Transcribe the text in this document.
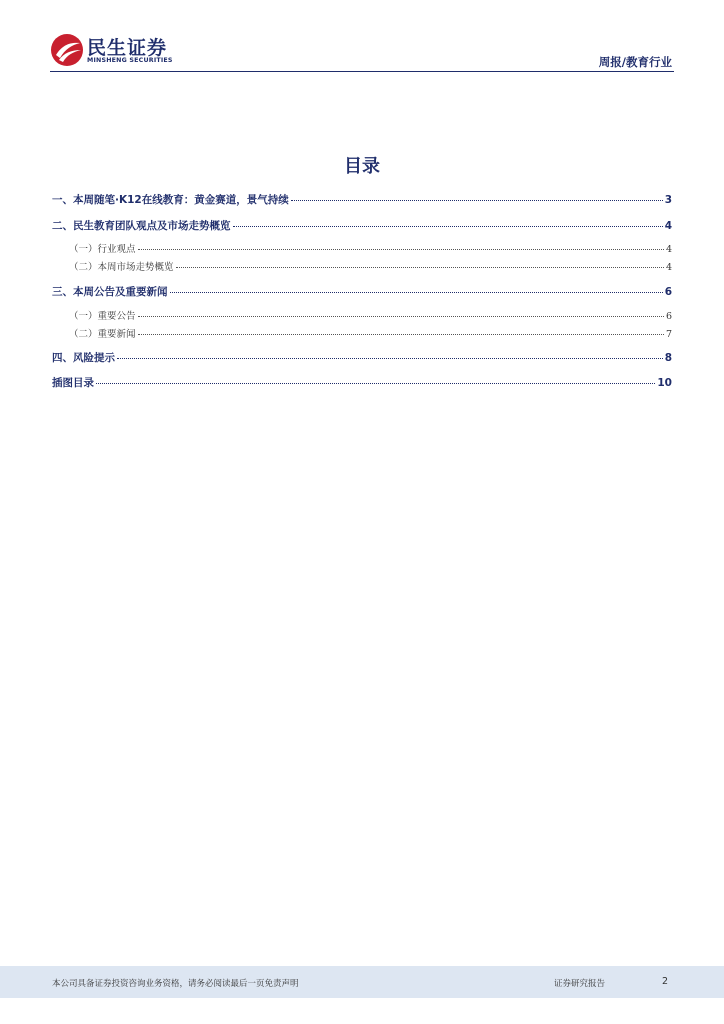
民生证券
MINSHENG SECURITIES	周报/教育行业
目录
一、本周随笔·K12在线教育：黄金赛道，景气持续	3
二、民生教育团队观点及市场走势概览	4
（一）行业观点	4
（二）本周市场走势概览	4
三、本周公告及重要新闻	6
（一）重要公告	6
（二）重要新闻	7
四、风险提示	8
插图目录	10
本公司具备证券投资咨询业务资格，请务必阅读最后一页免责声明	证券研究报告	2
